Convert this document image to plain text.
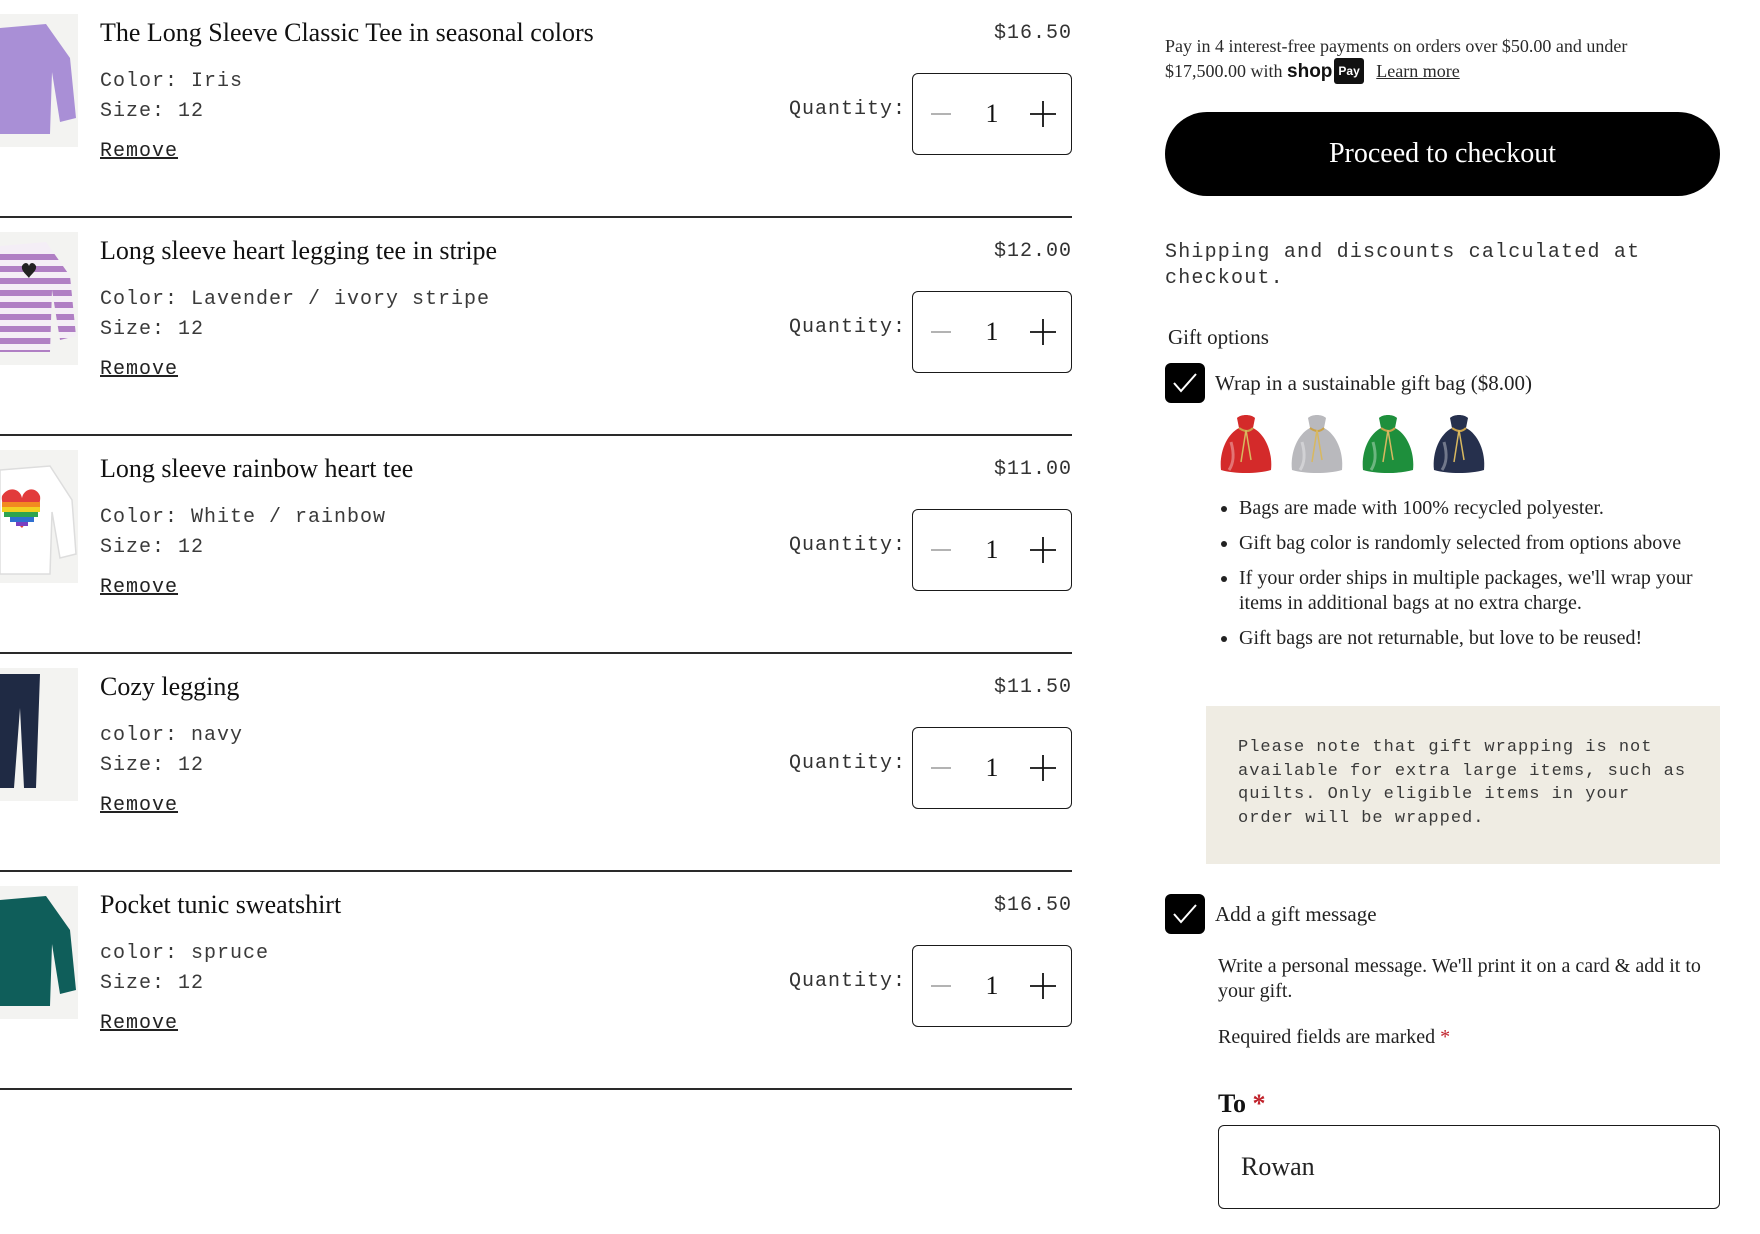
The Long Sleeve Classic Tee in seasonal colors	$16.50
Color: Iris
Size: 12
Remove
Quantity:	1
Long sleeve heart legging tee in stripe	$12.00
Color: Lavender / ivory stripe
Size: 12
Remove
Quantity:	1
Long sleeve rainbow heart tee	$11.00
Color: White / rainbow
Size: 12
Remove
Quantity:	1
Cozy legging	$11.50
color: navy
Size: 12
Remove
Quantity:	1
Pocket tunic sweatshirt	$16.50
color: spruce
Size: 12
Remove
Quantity:	1
Pay in 4 interest-free payments on orders over $50.00 and under $17,500.00 with shop Pay Learn more
Proceed to checkout
Shipping and discounts calculated at checkout.
Gift options
Wrap in a sustainable gift bag ($8.00)
• Bags are made with 100% recycled polyester.
• Gift bag color is randomly selected from options above
• If your order ships in multiple packages, we'll wrap your items in additional bags at no extra charge.
• Gift bags are not returnable, but love to be reused!
Please note that gift wrapping is not available for extra large items, such as quilts. Only eligible items in your order will be wrapped.
Add a gift message
Write a personal message. We'll print it on a card & add it to your gift.
Required fields are marked *
To *
Rowan
